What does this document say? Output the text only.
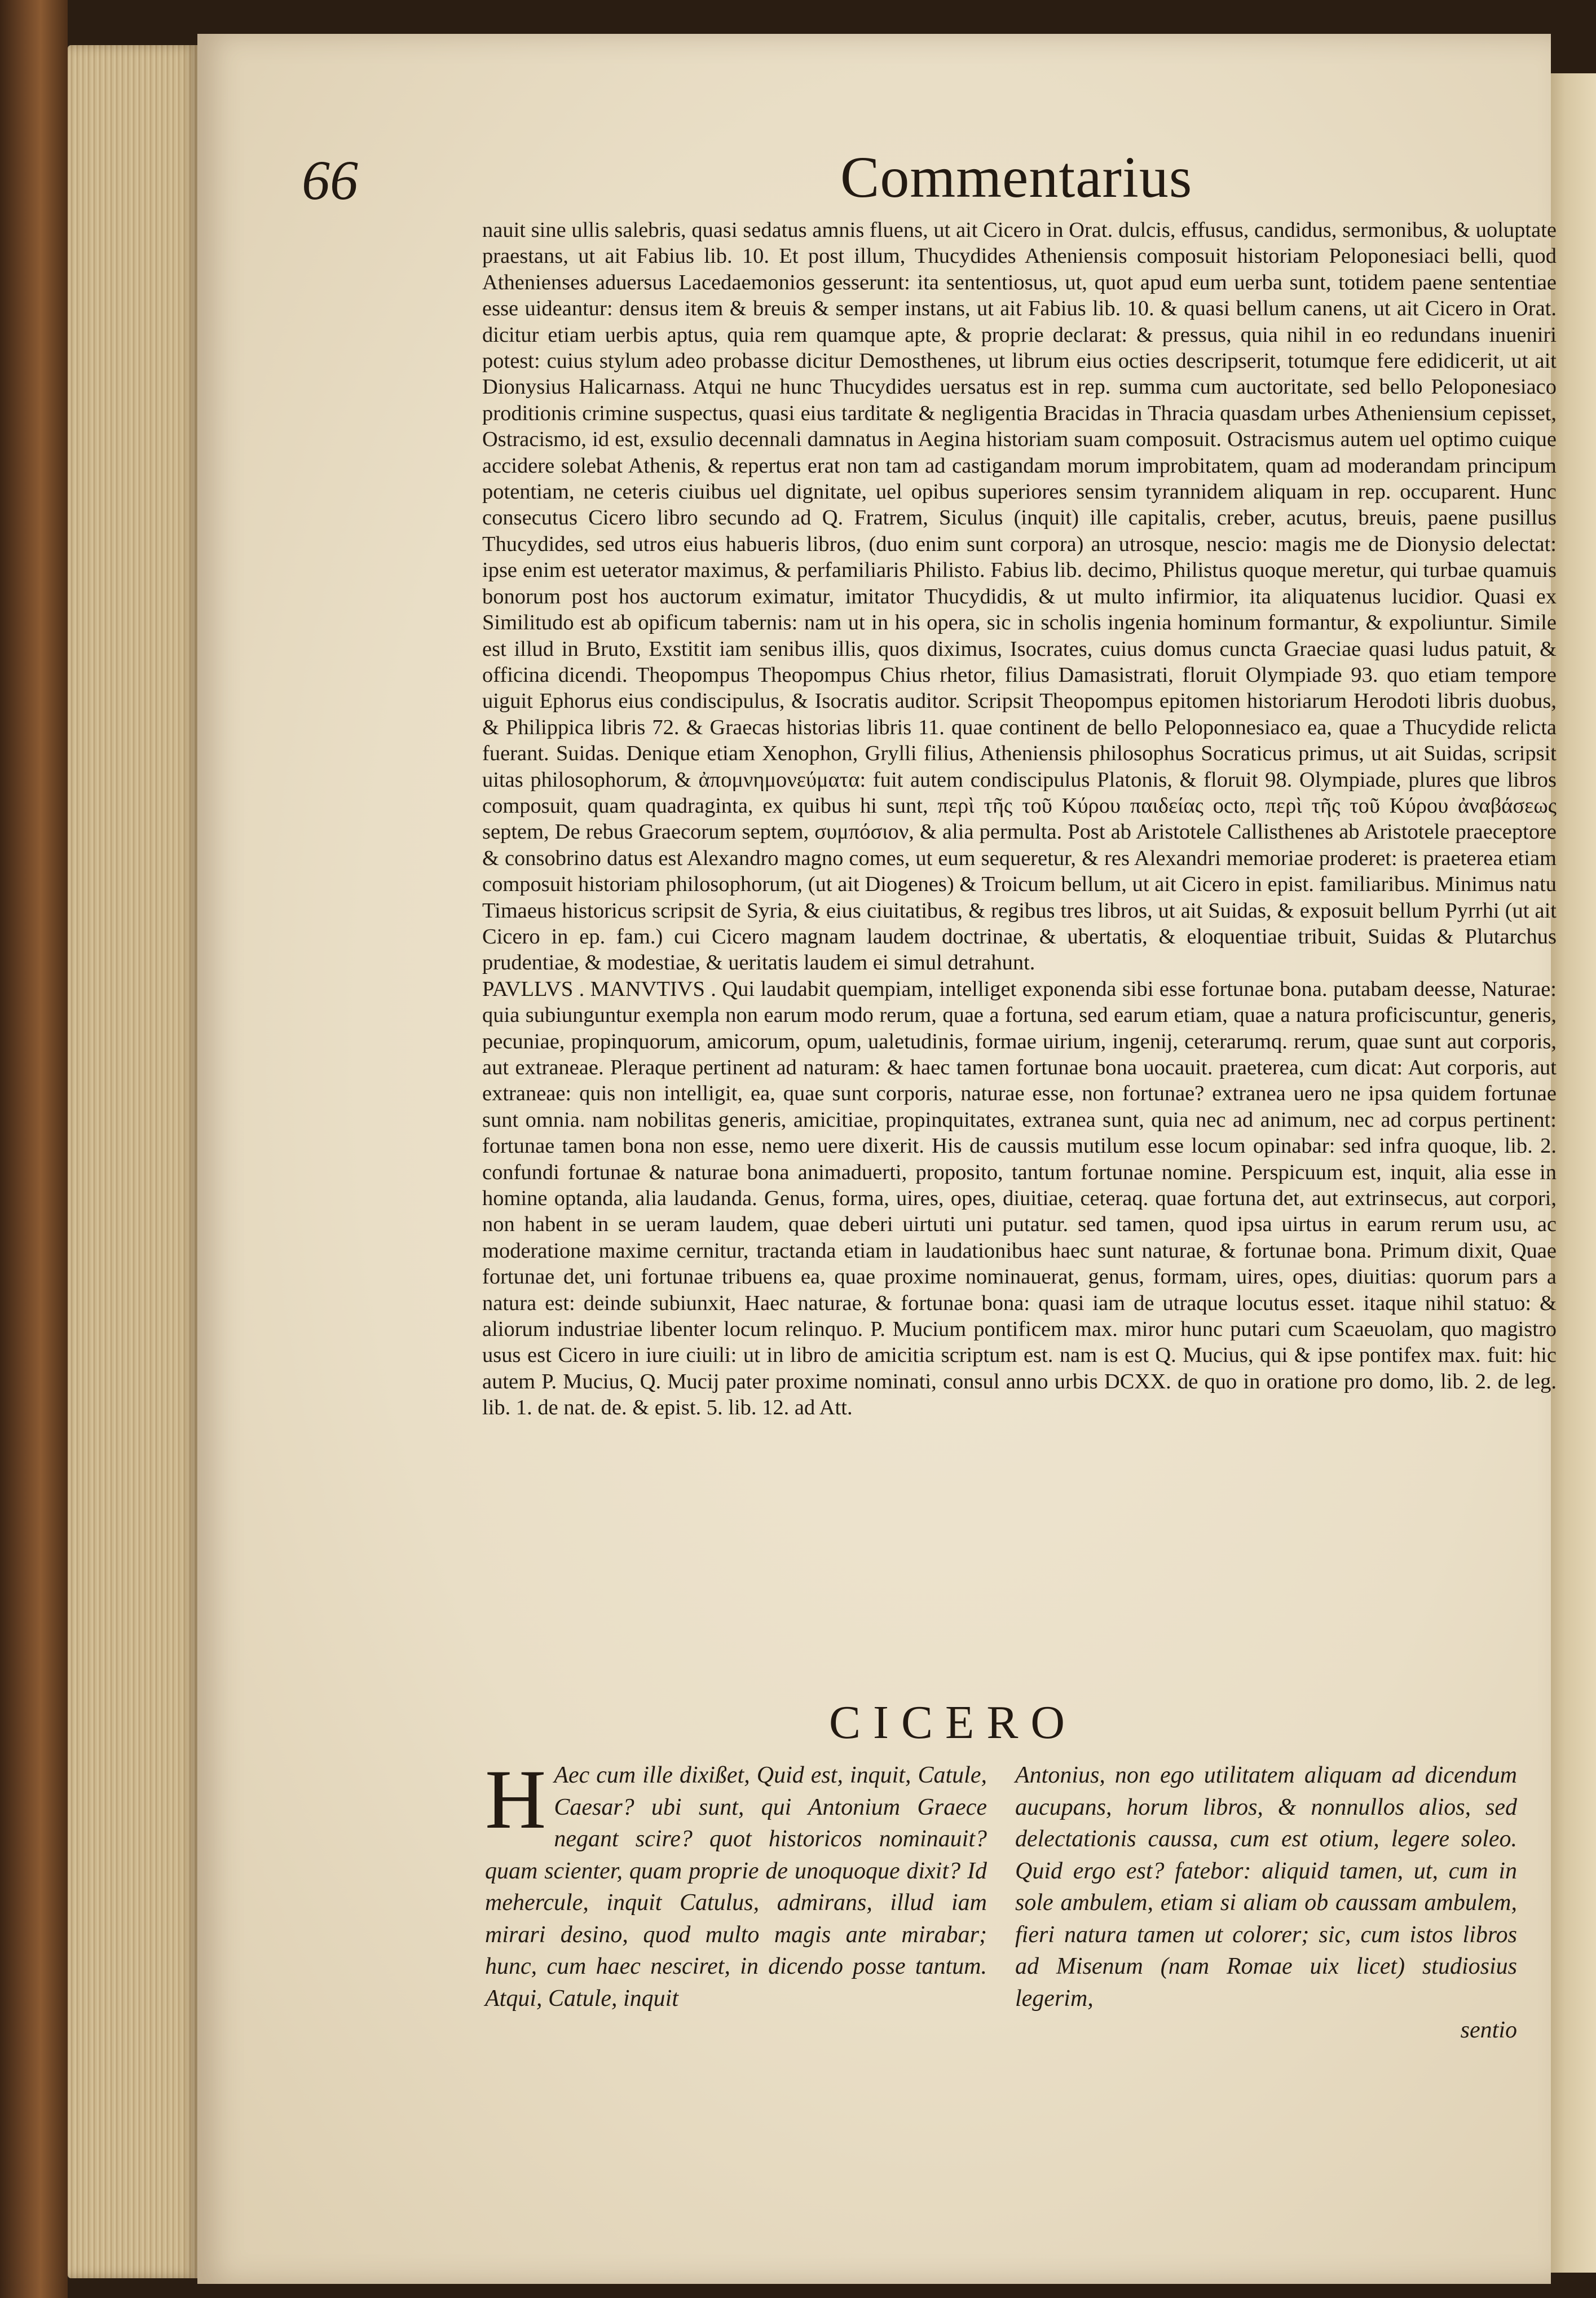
66	Commentarius

nauit sine ullis salebris, quasi sedatus amnis fluens, ut ait Cicero in Orat. dulcis, effusus, candidus, sermonibus, & uoluptate praestans, ut ait Fabius lib. 10. Et post illum, Thucydides Atheniensis composuit historiam Peloponesiaci belli, quod Athenienses aduersus Lacedaemonios gesserunt: ita sententiosus, ut, quot apud eum uerba sunt, totidem paene sententiae esse uideantur: densus item & breuis & semper instans, ut ait Fabius lib. 10. & quasi bellum canens, ut ait Cicero in Orat. dicitur etiam uerbis aptus, quia rem quamque apte, & proprie declarat: & pressus, quia nihil in eo redundans inueniri potest: cuius stylum adeo probasse dicitur Demosthenes, ut librum eius octies descripserit, totumque fere edidicerit, ut ait Dionysius Halicarnass. Atqui ne hunc Thucydides uersatus est in rep. summa cum auctoritate, sed bello Peloponesiaco proditionis crimine suspectus, quasi eius tarditate & negligentia Bracidas in Thracia quasdam urbes Atheniensium cepisset, Ostracismo, id est, exsulio decennali damnatus in Aegina historiam suam composuit. Ostracismus autem uel optimo cuique accidere solebat Athenis, & repertus erat non tam ad castigandam morum improbitatem, quam ad moderandam principum potentiam, ne ceteris ciuibus uel dignitate, uel opibus superiores sensim tyrannidem aliquam in rep. occuparent. Hunc consecutus Cicero libro secundo ad Q. Fratrem, Siculus (inquit) ille capitalis, creber, acutus, breuis, paene pusillus Thucydides, sed utros eius habueris libros, (duo enim sunt corpora) an utrosque, nescio: magis me de Dionysio delectat: ipse enim est ueterator maximus, & perfamiliaris Philisto. Fabius lib. decimo, Philistus quoque meretur, qui turbae quamuis bonorum post hos auctorum eximatur, imitator Thucydidis, & ut multo infirmior, ita aliquatenus lucidior. Quasi ex Similitudo est ab opificum tabernis: nam ut in his opera, sic in scholis ingenia hominum formantur, & expoliuntur. Simile est illud in Bruto, Exstitit iam senibus illis, quos diximus, Isocrates, cuius domus cuncta Graeciae quasi ludus patuit, & officina dicendi. Theopompus Theopompus Chius rhetor, filius Damasistrati, floruit Olympiade 93. quo etiam tempore uiguit Ephorus eius condiscipulus, & Isocratis auditor. Scripsit Theopompus epitomen historiarum Herodoti libris duobus, & Philippica libris 72. & Graecas historias libris 11. quae continent de bello Peloponnesiaco ea, quae a Thucydide relicta fuerant. Suidas. Denique etiam Xenophon, Grylli filius, Atheniensis philosophus Socraticus primus, ut ait Suidas, scripsit uitas philosophorum, & ἀπομνημονεύματα: fuit autem condiscipulus Platonis, & floruit 98. Olympiade, plures que libros composuit, quam quadraginta, ex quibus hi sunt, περὶ τῆς τοῦ Κύρου παιδείας octo, περὶ τῆς τοῦ Κύρου ἀναβάσεως septem, De rebus Graecorum septem, συμπόσιον, & alia permulta. Post ab Aristotele Callisthenes ab Aristotele praeceptore & consobrino datus est Alexandro magno comes, ut eum sequeretur, & res Alexandri memoriae proderet: is praeterea etiam composuit historiam philosophorum, (ut ait Diogenes) & Troicum bellum, ut ait Cicero in epist. familiaribus. Minimus natu Timaeus historicus scripsit de Syria, & eius ciuitatibus, & regibus tres libros, ut ait Suidas, & exposuit bellum Pyrrhi (ut ait Cicero in ep. fam.) cui Cicero magnam laudem doctrinae, & ubertatis, & eloquentiae tribuit, Suidas & Plutarchus prudentiae, & modestiae, & ueritatis laudem ei simul detrahunt.

PAVLLVS . MANVTIVS . Qui laudabit quempiam, intelliget exponenda sibi esse fortunae bona. putabam deesse, Naturae: quia subiunguntur exempla non earum modo rerum, quae a fortuna, sed earum etiam, quae a natura proficiscuntur, generis, pecuniae, propinquorum, amicorum, opum, ualetudinis, formae uirium, ingenij, ceterarumq. rerum, quae sunt aut corporis, aut extraneae. Pleraque pertinent ad naturam: & haec tamen fortunae bona uocauit. praeterea, cum dicat: Aut corporis, aut extraneae: quis non intelligit, ea, quae sunt corporis, naturae esse, non fortunae? extranea uero ne ipsa quidem fortunae sunt omnia. nam nobilitas generis, amicitiae, propinquitates, extranea sunt, quia nec ad animum, nec ad corpus pertinent: fortunae tamen bona non esse, nemo uere dixerit. His de caussis mutilum esse locum opinabar: sed infra quoque, lib. 2. confundi fortunae & naturae bona animaduerti, proposito, tantum fortunae nomine. Perspicuum est, inquit, alia esse in homine optanda, alia laudanda. Genus, forma, uires, opes, diuitiae, ceteraq. quae fortuna det, aut extrinsecus, aut corpori, non habent in se ueram laudem, quae deberi uirtuti uni putatur. sed tamen, quod ipsa uirtus in earum rerum usu, ac moderatione maxime cernitur, tractanda etiam in laudationibus haec sunt naturae, & fortunae bona. Primum dixit, Quae fortunae det, uni fortunae tribuens ea, quae proxime nominauerat, genus, formam, uires, opes, diuitias: quorum pars a natura est: deinde subiunxit, Haec naturae, & fortunae bona: quasi iam de utraque locutus esset. itaque nihil statuo: & aliorum industriae libenter locum relinquo. P. Mucium pontificem max. miror hunc putari cum Scaeuolam, quo magistro usus est Cicero in iure ciuili: ut in libro de amicitia scriptum est. nam is est Q. Mucius, qui & ipse pontifex max. fuit: hic autem P. Mucius, Q. Mucij pater proxime nominati, consul anno urbis DCXX. de quo in oratione pro domo, lib. 2. de leg. lib. 1. de nat. de. & epist. 5. lib. 12. ad Att.

CICERO
H Aec cum ille dixißet, Quid est, inquit, Catule, Caesar? ubi sunt, qui Antonium Graece negant scire? quot historicos nominauit? quam scienter, quam proprie de unoquoque dixit? Id mehercule, inquit Catulus, admirans, illud iam mirari desino, quod multo magis ante mirabar; hunc, cum haec nesciret, in dicendo posse tantum. Atqui, Catule, inquit

Antonius, non ego utilitatem aliquam ad dicendum aucupans, horum libros, & nonnullos alios, sed delectationis caussa, cum est otium, legere soleo. Quid ergo est? fatebor: aliquid tamen, ut, cum in sole ambulem, etiam si aliam ob caussam ambulem, fieri natura tamen ut colorer; sic, cum istos libros ad Misenum (nam Romae uix licet) studiosius legerim,

sentio
